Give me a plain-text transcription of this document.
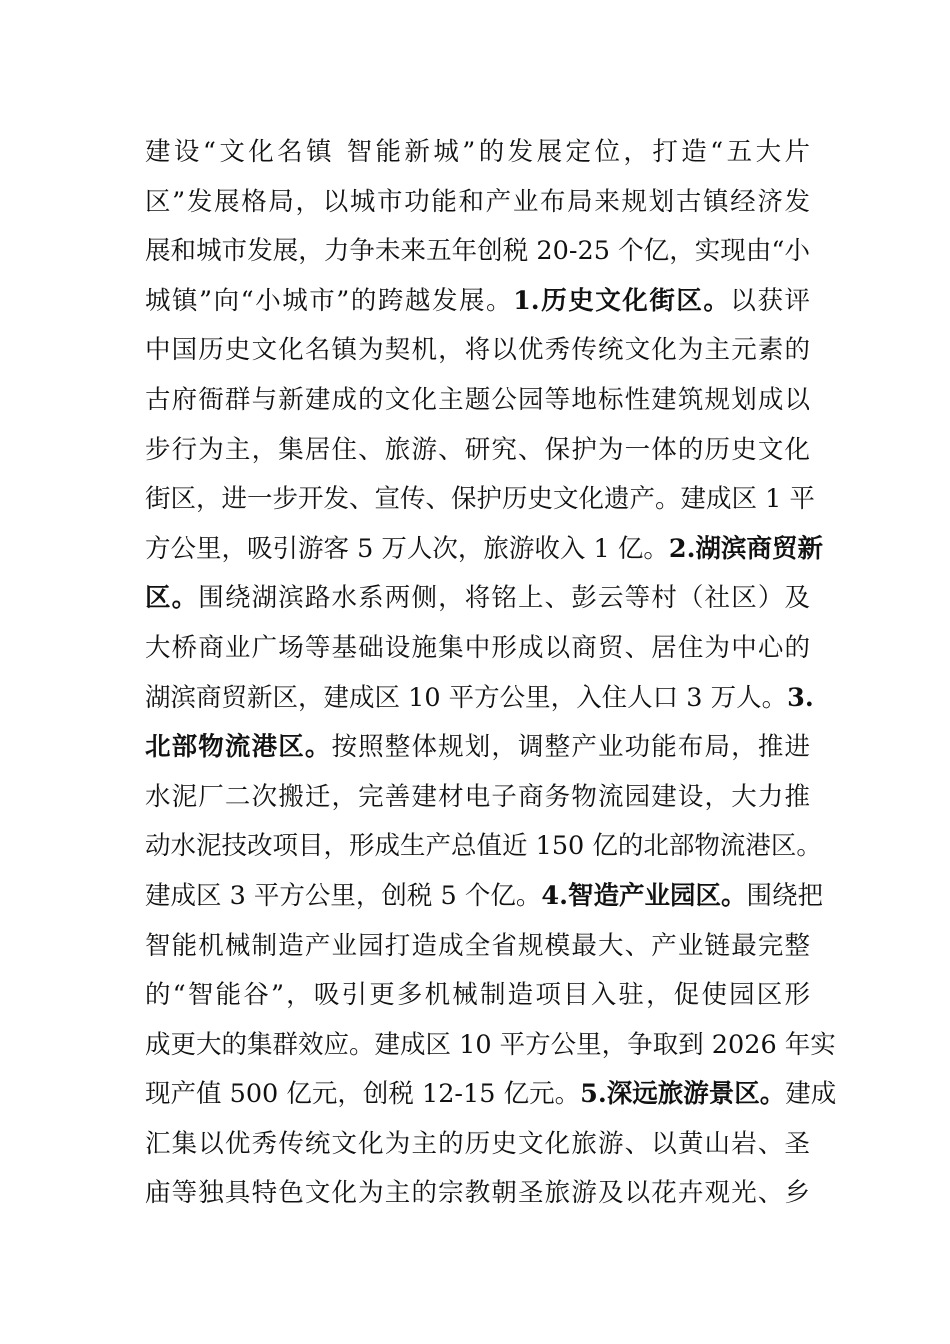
建设“文化名镇 智能新城”的发展定位，打造“五大片
区”发展格局，以城市功能和产业布局来规划古镇经济发
展和城市发展，力争未来五年创税 20-25 个亿，实现由“小
城镇”向“小城市”的跨越发展。1.历史文化街区。以获评
中国历史文化名镇为契机，将以优秀传统文化为主元素的
古府衙群与新建成的文化主题公园等地标性建筑规划成以
步行为主，集居住、旅游、研究、保护为一体的历史文化
街区，进一步开发、宣传、保护历史文化遗产。建成区 1 平
方公里，吸引游客 5 万人次，旅游收入 1 亿。2.湖滨商贸新
区。围绕湖滨路水系两侧，将铭上、彭云等村（社区）及
大桥商业广场等基础设施集中形成以商贸、居住为中心的
湖滨商贸新区，建成区 10 平方公里，入住人口 3 万人。3.
北部物流港区。按照整体规划，调整产业功能布局，推进
水泥厂二次搬迁，完善建材电子商务物流园建设，大力推
动水泥技改项目，形成生产总值近 150 亿的北部物流港区。
建成区 3 平方公里，创税 5 个亿。4.智造产业园区。围绕把
智能机械制造产业园打造成全省规模最大、产业链最完整
的“智能谷”，吸引更多机械制造项目入驻，促使园区形
成更大的集群效应。建成区 10 平方公里，争取到 2026 年实
现产值 500 亿元，创税 12-15 亿元。5.深远旅游景区。建成
汇集以优秀传统文化为主的历史文化旅游、以黄山岩、圣
庙等独具特色文化为主的宗教朝圣旅游及以花卉观光、乡
